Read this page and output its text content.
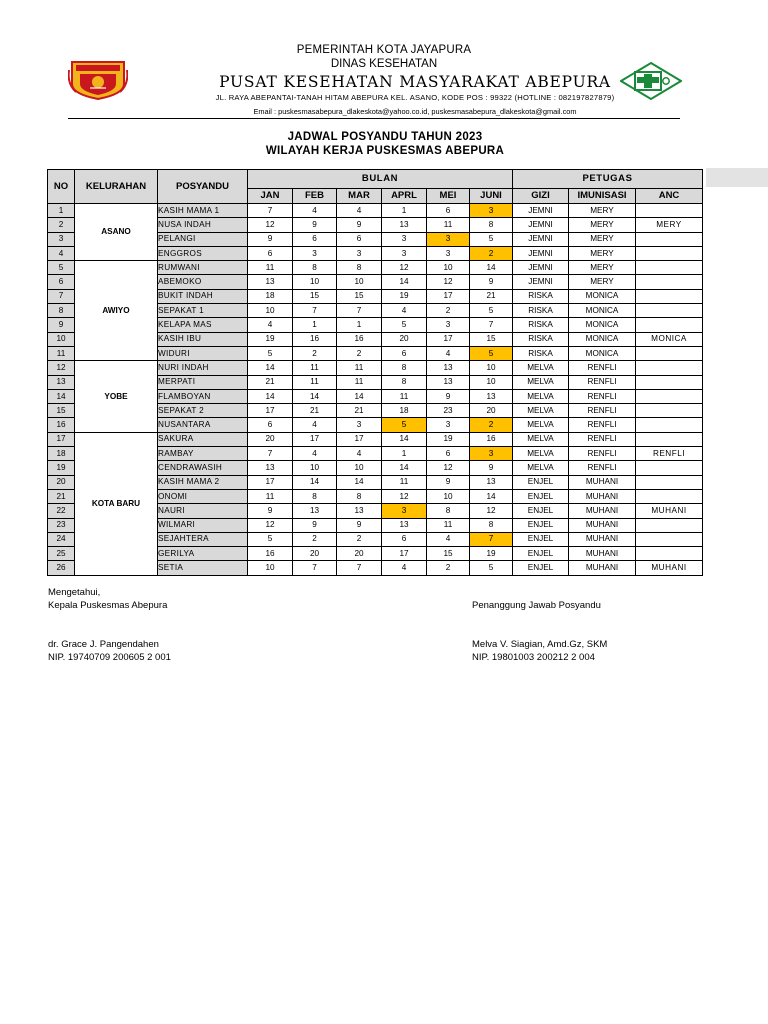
PEMERINTAH KOTA JAYAPURA
DINAS KESEHATAN
PUSAT KESEHATAN MASYARAKAT ABEPURA
JL. RAYA ABEPANTAI-TANAH HITAM ABEPURA KEL. ASANO, KODE POS : 99322 (HOTLINE : 082197827879)
Email : puskesmasabepura_dlakeskota@yahoo.co.id, puskesmasabepura_dlakeskota@gmail.com
JADWAL POSYANDU TAHUN 2023
WILAYAH KERJA PUSKESMAS ABEPURA
NO	KELURAHAN	POSYANDU	BULAN						PETUGAS		
			JAN	FEB	MAR	APRL	MEI	JUNI	GIZI	IMUNISASI	ANC
1	ASANO	KASIH MAMA 1	7	4	4	1	6	3	JEMNI	MERY	
2		NUSA INDAH	12	9	9	13	11	8	JEMNI	MERY	MERY
3		PELANGI	9	6	6	3	3	5	JEMNI	MERY	
4		ENGGROS	6	3	3	3	3	2	JEMNI	MERY	
5	AWIYO	RUMWANI	11	8	8	12	10	14	JEMNI	MERY	
6		ABEMOKO	13	10	10	14	12	9	JEMNI	MERY	
7		BUKIT INDAH	18	15	15	19	17	21	RISKA	MONICA	
8		SEPAKAT 1	10	7	7	4	2	5	RISKA	MONICA	
9		KELAPA MAS	4	1	1	5	3	7	RISKA	MONICA	
10		KASIH IBU	19	16	16	20	17	15	RISKA	MONICA	MONICA
11		WIDURI	5	2	2	6	4	5	RISKA	MONICA	
12	YOBE	NURI INDAH	14	11	11	8	13	10	MELVA	RENFLI	
13		MERPATI	21	11	11	8	13	10	MELVA	RENFLI	
14		FLAMBOYAN	14	14	14	11	9	13	MELVA	RENFLI	
15		SEPAKAT 2	17	21	21	18	23	20	MELVA	RENFLI	
16		NUSANTARA	6	4	3	5	3	2	MELVA	RENFLI	
17	KOTA BARU	SAKURA	20	17	17	14	19	16	MELVA	RENFLI	
18		RAMBAY	7	4	4	1	6	3	MELVA	RENFLI	RENFLI
19		CENDRAWASIH	13	10	10	14	12	9	MELVA	RENFLI	
20		KASIH MAMA 2	17	14	14	11	9	13	ENJEL	MUHANI	
21		ONOMI	11	8	8	12	10	14	ENJEL	MUHANI	
22		NAURI	9	13	13	3	8	12	ENJEL	MUHANI	MUHANI
23		WILMARI	12	9	9	13	11	8	ENJEL	MUHANI	
24		SEJAHTERA	5	2	2	6	4	7	ENJEL	MUHANI	
25		GERILYA	16	20	20	17	15	19	ENJEL	MUHANI	
26		SETIA	10	7	7	4	2	5	ENJEL	MUHANI	MUHANI
Mengetahui,
Kepala Puskesmas Abepura	Penanggung Jawab Posyandu
dr. Grace J. Pangendahen
NIP. 19740709 200605 2 001
Melva V. Siagian, Amd.Gz, SKM
NIP. 19801003 200212 2 004
